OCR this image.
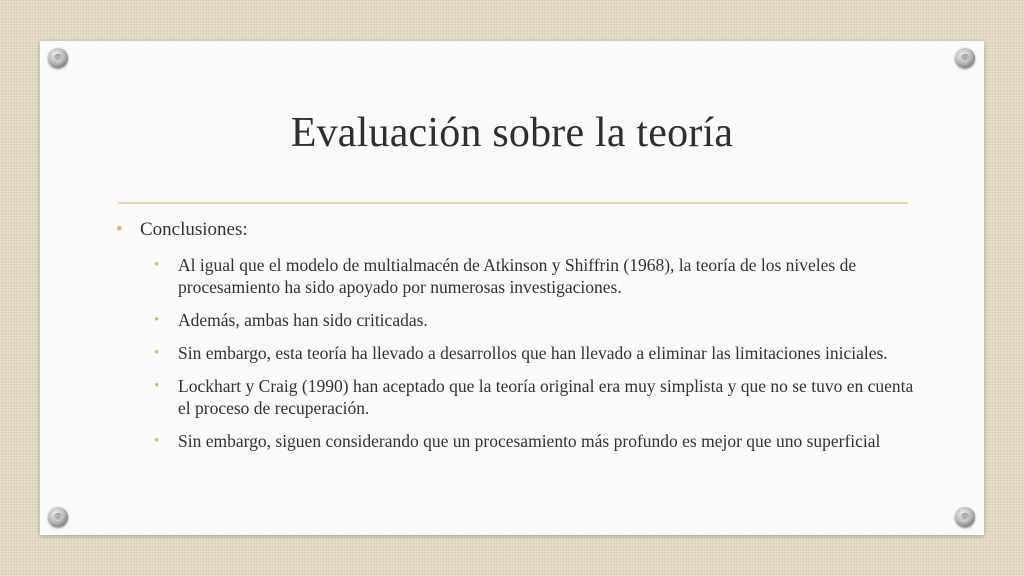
Evaluación sobre la teoría
• Conclusiones:
• Al igual que el modelo de multialmacén de Atkinson y Shiffrin (1968), la teoría de los niveles de procesamiento ha sido apoyado por numerosas investigaciones.
• Además, ambas han sido criticadas.
• Sin embargo, esta teoría ha llevado a desarrollos que han llevado a eliminar las limitaciones iniciales.
• Lockhart y Craig (1990) han aceptado que la teoría original era muy simplista y que no se tuvo en cuenta el proceso de recuperación.
• Sin embargo, siguen considerando que un procesamiento más profundo es mejor que uno superficial
